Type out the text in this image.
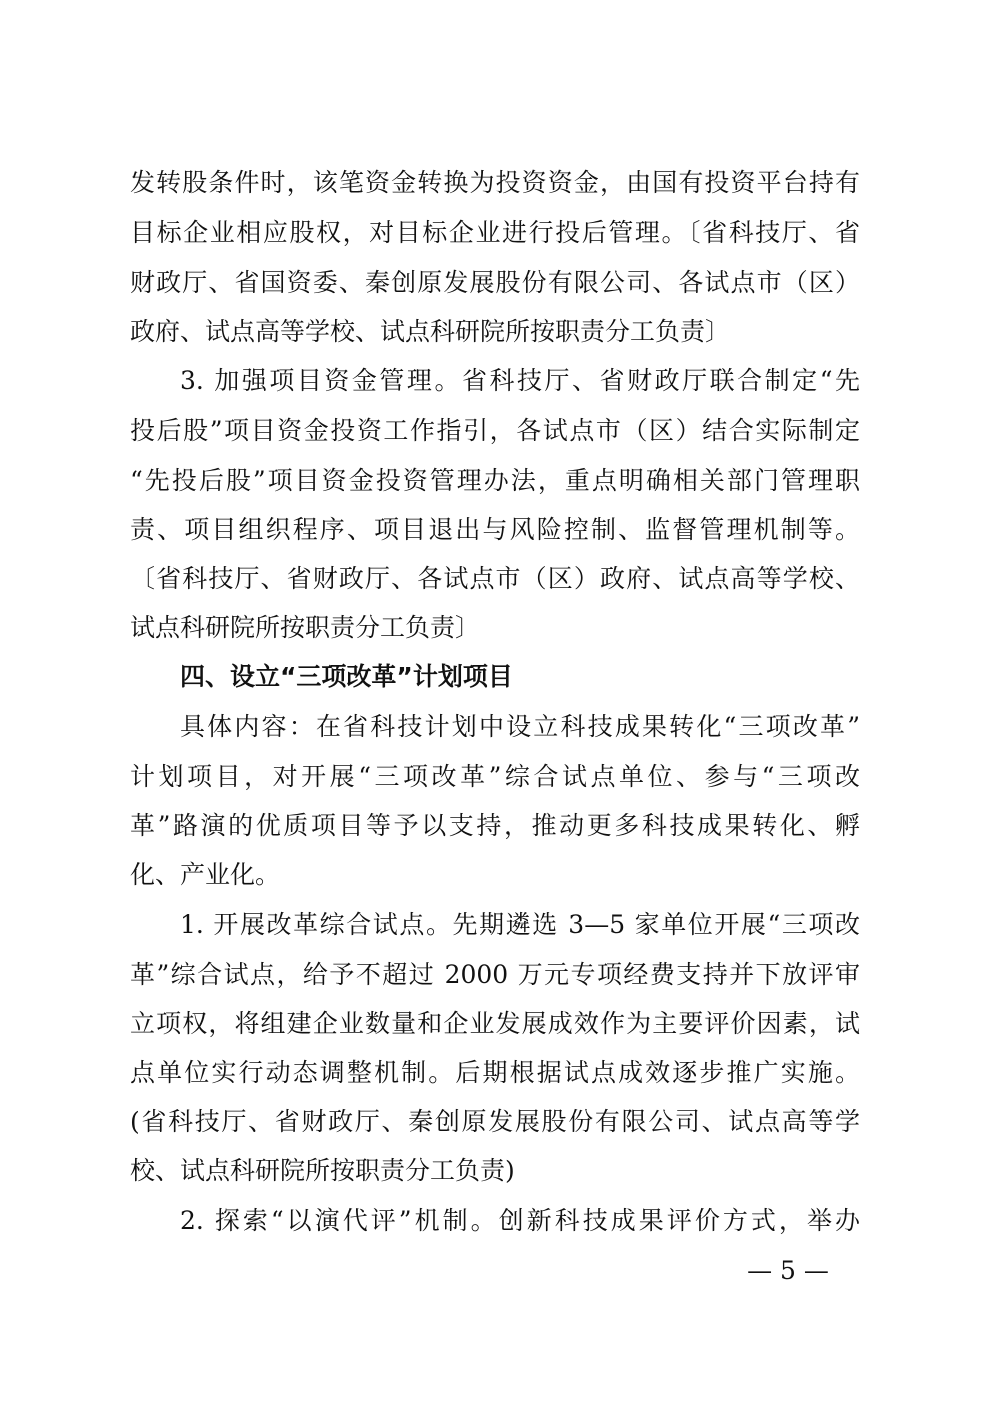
发转股条件时，该笔资金转换为投资资金，由国有投资平台持有
目标企业相应股权，对目标企业进行投后管理。〔省科技厅、省
财政厅、省国资委、秦创原发展股份有限公司、各试点市（区）
政府、试点高等学校、试点科研院所按职责分工负责〕
3. 加强项目资金管理。省科技厅、省财政厅联合制定“先
投后股”项目资金投资工作指引，各试点市（区）结合实际制定
“先投后股”项目资金投资管理办法，重点明确相关部门管理职
责、项目组织程序、项目退出与风险控制、监督管理机制等。
〔省科技厅、省财政厅、各试点市（区）政府、试点高等学校、
试点科研院所按职责分工负责〕
四、设立“三项改革”计划项目
具体内容：在省科技计划中设立科技成果转化“三项改革”
计划项目，对开展“三项改革”综合试点单位、参与“三项改
革”路演的优质项目等予以支持，推动更多科技成果转化、孵
化、产业化。
1. 开展改革综合试点。先期遴选 3—5 家单位开展“三项改
革”综合试点，给予不超过 2000 万元专项经费支持并下放评审
立项权，将组建企业数量和企业发展成效作为主要评价因素，试
点单位实行动态调整机制。后期根据试点成效逐步推广实施。
(省科技厅、省财政厅、秦创原发展股份有限公司、试点高等学
校、试点科研院所按职责分工负责)
2. 探索“以演代评”机制。创新科技成果评价方式，举办
— 5 —
